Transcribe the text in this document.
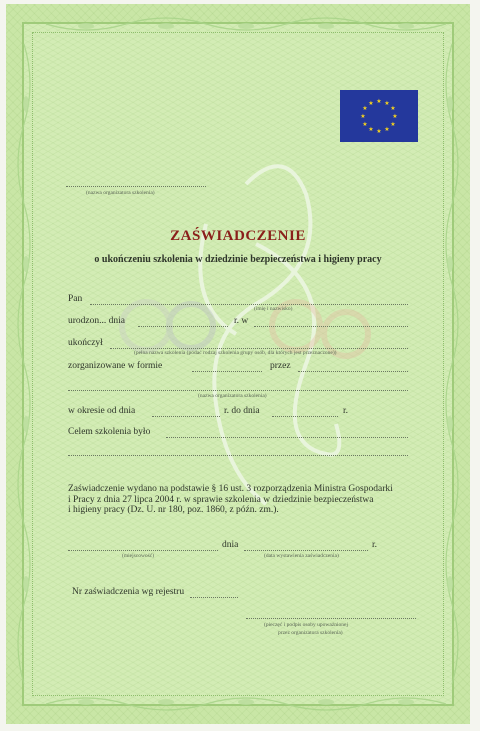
★ ★
★
★
★
★
★
★
★
★
★
★
(nazwa organizatora szkolenia)
ZAŚWIADCZENIE
o ukończeniu szkolenia w dziedzinie bezpieczeństwa i higieny pracy
Pan
(imię i nazwisko)
urodzon... dnia	r. w
ukończył
(pełna nazwa szkolenia (podać rodzaj szkolenia grupy osób, dla których jest przeznaczone))
zorganizowane w formie	przez
(nazwa organizatora szkolenia)
w okresie od dnia	r. do dnia	r.
Celem szkolenia było
Zaświadczenie wydano na podstawie § 16 ust. 3 rozporządzenia Ministra Gospodarki
i Pracy z dnia 27 lipca 2004 r. w sprawie szkolenia w dziedzinie bezpieczeństwa
i higieny pracy (Dz. U. nr 180, poz. 1860, z późn. zm.).
dnia	r.
(miejscowość)	(data wystawienia zaświadczenia)
Nr zaświadczenia wg rejestru
(pieczęć i podpis osoby upoważnionej
przez organizatora szkolenia)
